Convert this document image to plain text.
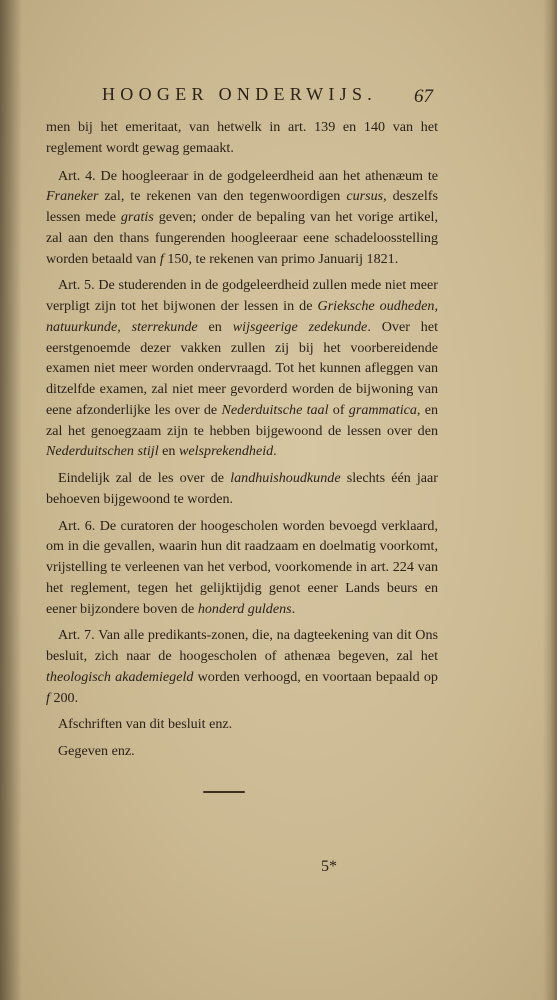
HOOGER ONDERWIJS.	67

men bij het emeritaat, van hetwelk in art. 139 en 140 van het reglement wordt gewag gemaakt.

Art. 4. De hoogleeraar in de godgeleerdheid aan het athenæum te Franeker zal, te rekenen van den tegenwoordigen cursus, deszelfs lessen mede gratis geven; onder de bepaling van het vorige artikel, zal aan den thans fungerenden hoogleeraar eene schadeloosstelling worden betaald van f 150, te rekenen van primo Januarij 1821.

Art. 5. De studerenden in de godgeleerdheid zullen mede niet meer verpligt zijn tot het bijwonen der lessen in de Grieksche oudheden, natuurkunde, sterrekunde en wijsgeerige zedekunde. Over het eerstgenoemde dezer vakken zullen zij bij het voorbereidende examen niet meer worden ondervraagd. Tot het kunnen afleggen van ditzelfde examen, zal niet meer gevorderd worden de bijwoning van eene afzonderlijke les over de Nederduitsche taal of grammatica, en zal het genoegzaam zijn te hebben bijgewoond de lessen over den Nederduitschen stijl en welsprekendheid.

Eindelijk zal de les over de landhuishoudkunde slechts één jaar behoeven bijgewoond te worden.

Art. 6. De curatoren der hoogescholen worden bevoegd verklaard, om in die gevallen, waarin hun dit raadzaam en doelmatig voorkomt, vrijstelling te verleenen van het verbod, voorkomende in art. 224 van het reglement, tegen het gelijktijdig genot eener Lands beurs en eener bijzondere boven de honderd guldens.

Art. 7. Van alle predikants-zonen, die, na dagteekening van dit Ons besluit, zich naar de hoogescholen of athenæa begeven, zal het theologisch akademiegeld worden verhoogd, en voortaan bepaald op f 200.

Afschriften van dit besluit enz.

Gegeven enz.

5*
